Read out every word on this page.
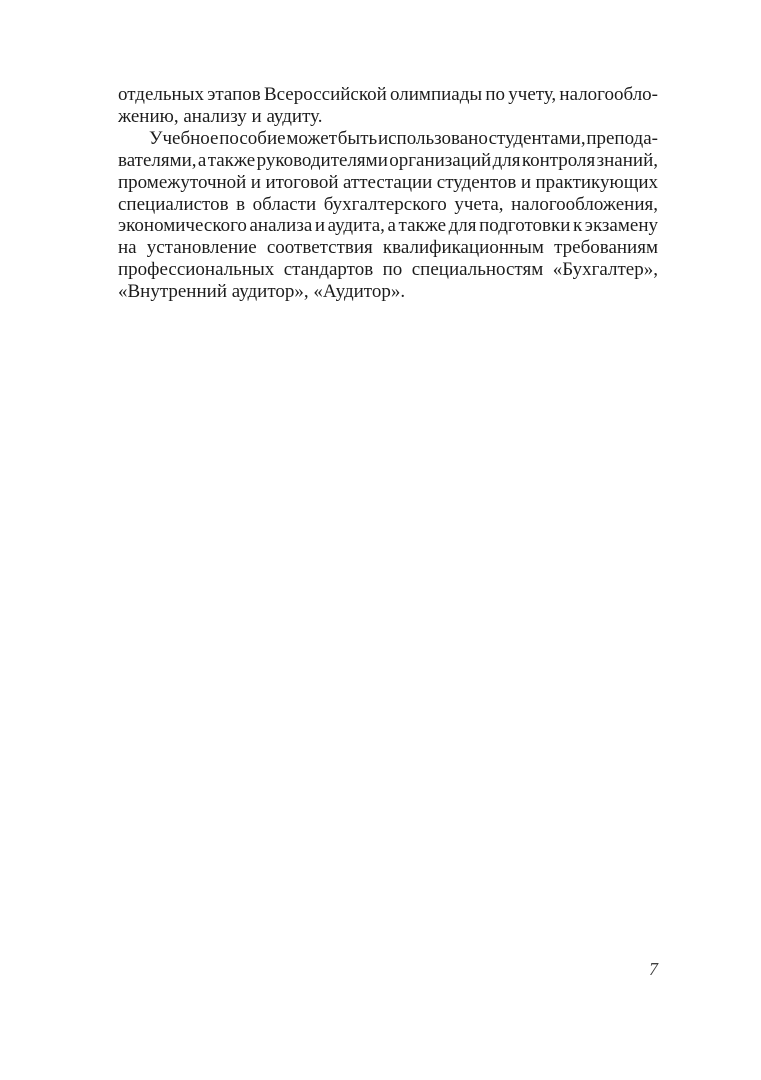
отдельных этапов Всероссийской олимпиады по учету, налогообло-
жению, анализу и аудиту.
Учебное пособие может быть использовано студентами, препода-
вателями, а также руководителями организаций для контроля знаний,
промежуточной и итоговой аттестации студентов и практикующих
специалистов в области бухгалтерского учета, налогообложения,
экономического анализа и аудита, а также для подготовки к экзамену
на установление соответствия квалификационным требованиям
профессиональных стандартов по специальностям «Бухгалтер»,
«Внутренний аудитор», «Аудитор».
7
